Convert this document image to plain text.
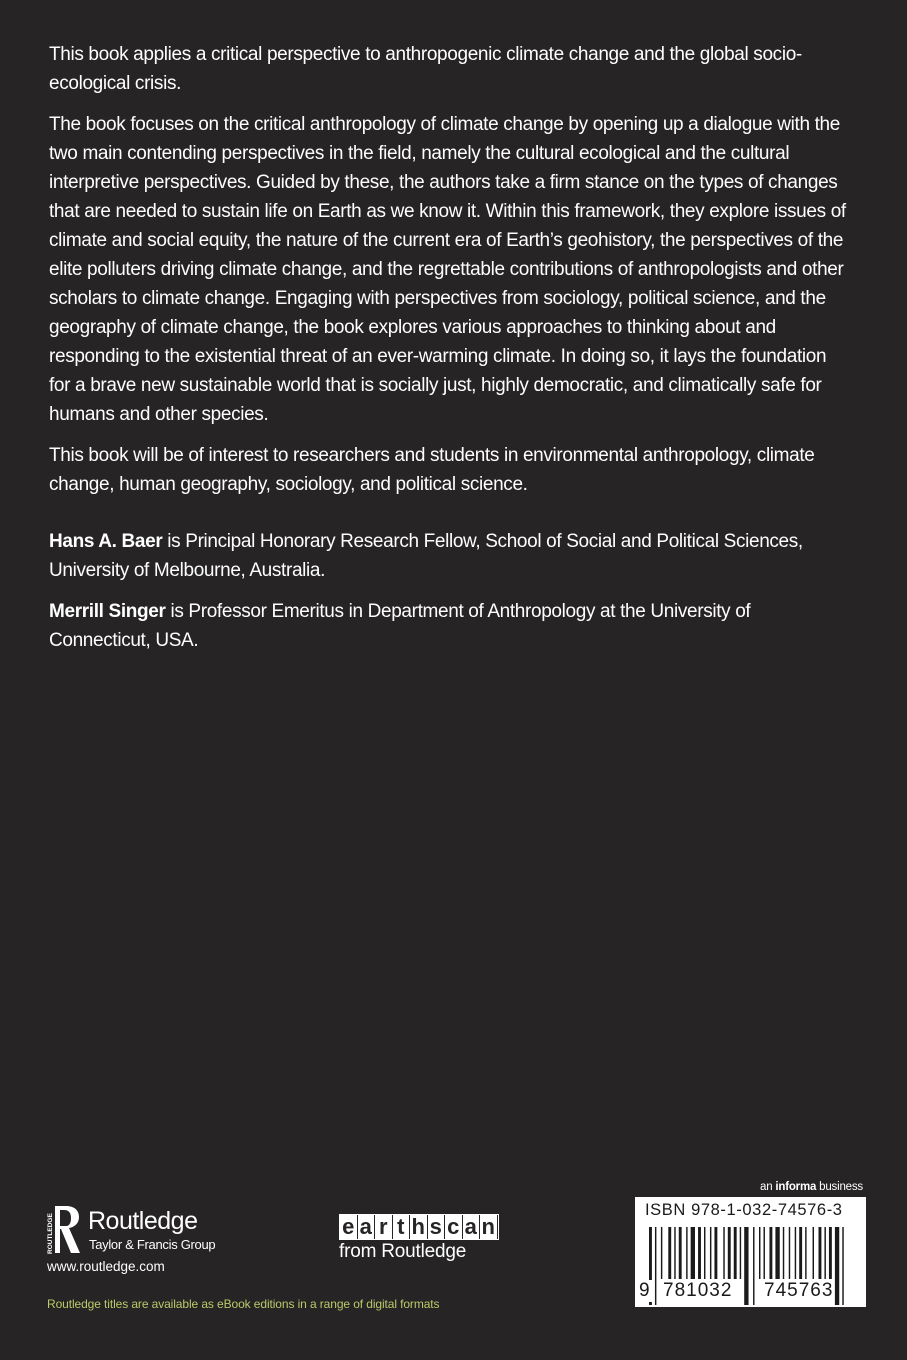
This book applies a critical perspective to anthropogenic climate change and the global socio-ecological crisis.

The book focuses on the critical anthropology of climate change by opening up a dialogue with the two main contending perspectives in the field, namely the cultural ecological and the cultural interpretive perspectives. Guided by these, the authors take a firm stance on the types of changes that are needed to sustain life on Earth as we know it. Within this framework, they explore issues of climate and social equity, the nature of the current era of Earth’s geohistory, the perspectives of the elite polluters driving climate change, and the regrettable contributions of anthropologists and other scholars to climate change. Engaging with perspectives from sociology, political science, and the geography of climate change, the book explores various approaches to thinking about and responding to the existential threat of an ever-warming climate. In doing so, it lays the foundation for a brave new sustainable world that is socially just, highly democratic, and climatically safe for humans and other species.

This book will be of interest to researchers and students in environmental anthropology, climate change, human geography, sociology, and political science.

Hans A. Baer is Principal Honorary Research Fellow, School of Social and Political Sciences, University of Melbourne, Australia.

Merrill Singer is Professor Emeritus in Department of Anthropology at the University of Connecticut, USA.

ROUTLEDGE Routledge
Taylor & Francis Group
www.routledge.com
e a r t h s c a n
from Routledge
Routledge titles are available as eBook editions in a range of digital formats
an informa business
ISBN 978-1-032-74576-3
9 781032 745763
